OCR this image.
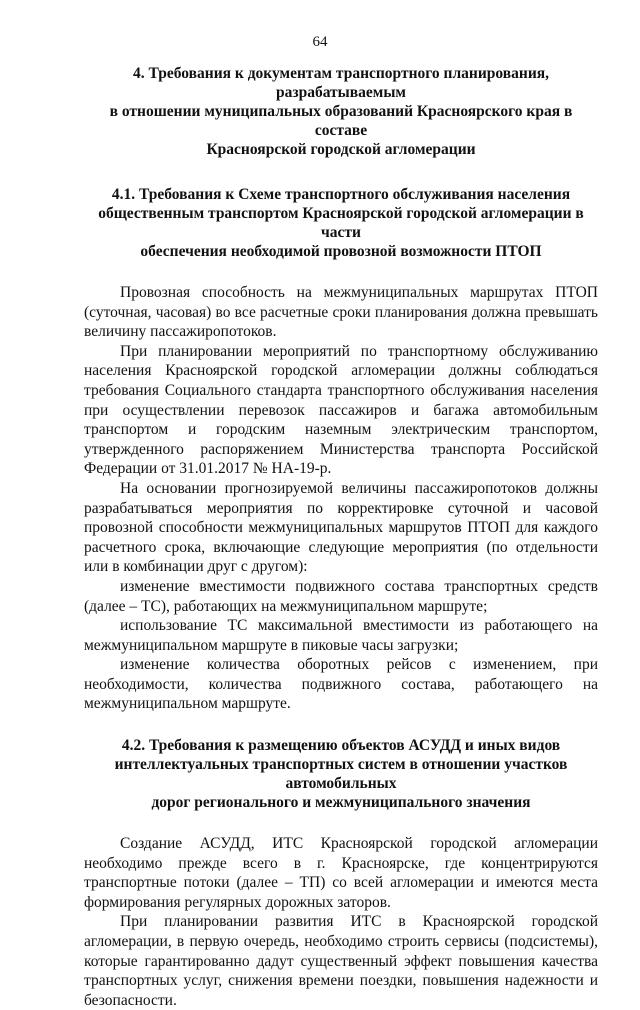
64
4. Требования к документам транспортного планирования, разрабатываемым
в отношении муниципальных образований Красноярского края в составе
Красноярской городской агломерации
4.1. Требования к Схеме транспортного обслуживания населения
общественным транспортом Красноярской городской агломерации в части
обеспечения необходимой провозной возможности ПТОП

Провозная способность на межмуниципальных маршрутах ПТОП (суточная, часовая) во все расчетные сроки планирования должна превышать величину пассажиропотоков.

При планировании мероприятий по транспортному обслуживанию населения Красноярской городской агломерации должны соблюдаться требования Социального стандарта транспортного обслуживания населения при осуществлении перевозок пассажиров и багажа автомобильным транспортом и городским наземным электрическим транспортом, утвержденного распоряжением Министерства транспорта Российской Федерации от 31.01.2017 № НА-19-р.

На основании прогнозируемой величины пассажиропотоков должны разрабатываться мероприятия по корректировке суточной и часовой провозной способности межмуниципальных маршрутов ПТОП для каждого расчетного срока, включающие следующие мероприятия (по отдельности или в комбинации друг с другом):

изменение вместимости подвижного состава транспортных средств (далее – ТС), работающих на межмуниципальном маршруте;

использование ТС максимальной вместимости из работающего на межмуниципальном маршруте в пиковые часы загрузки;

изменение количества оборотных рейсов с изменением, при необходимости, количества подвижного состава, работающего на межмуниципальном маршруте.

4.2. Требования к размещению объектов АСУДД и иных видов
интеллектуальных транспортных систем в отношении участков автомобильных
дорог регионального и межмуниципального значения

Создание АСУДД, ИТС Красноярской городской агломерации необходимо прежде всего в г. Красноярске, где концентрируются транспортные потоки (далее – ТП) со всей агломерации и имеются места формирования регулярных дорожных заторов.

При планировании развития ИТС в Красноярской городской агломерации, в первую очередь, необходимо строить сервисы (подсистемы), которые гарантированно дадут существенный эффект повышения качества транспортных услуг, снижения времени поездки, повышения надежности и безопасности.
